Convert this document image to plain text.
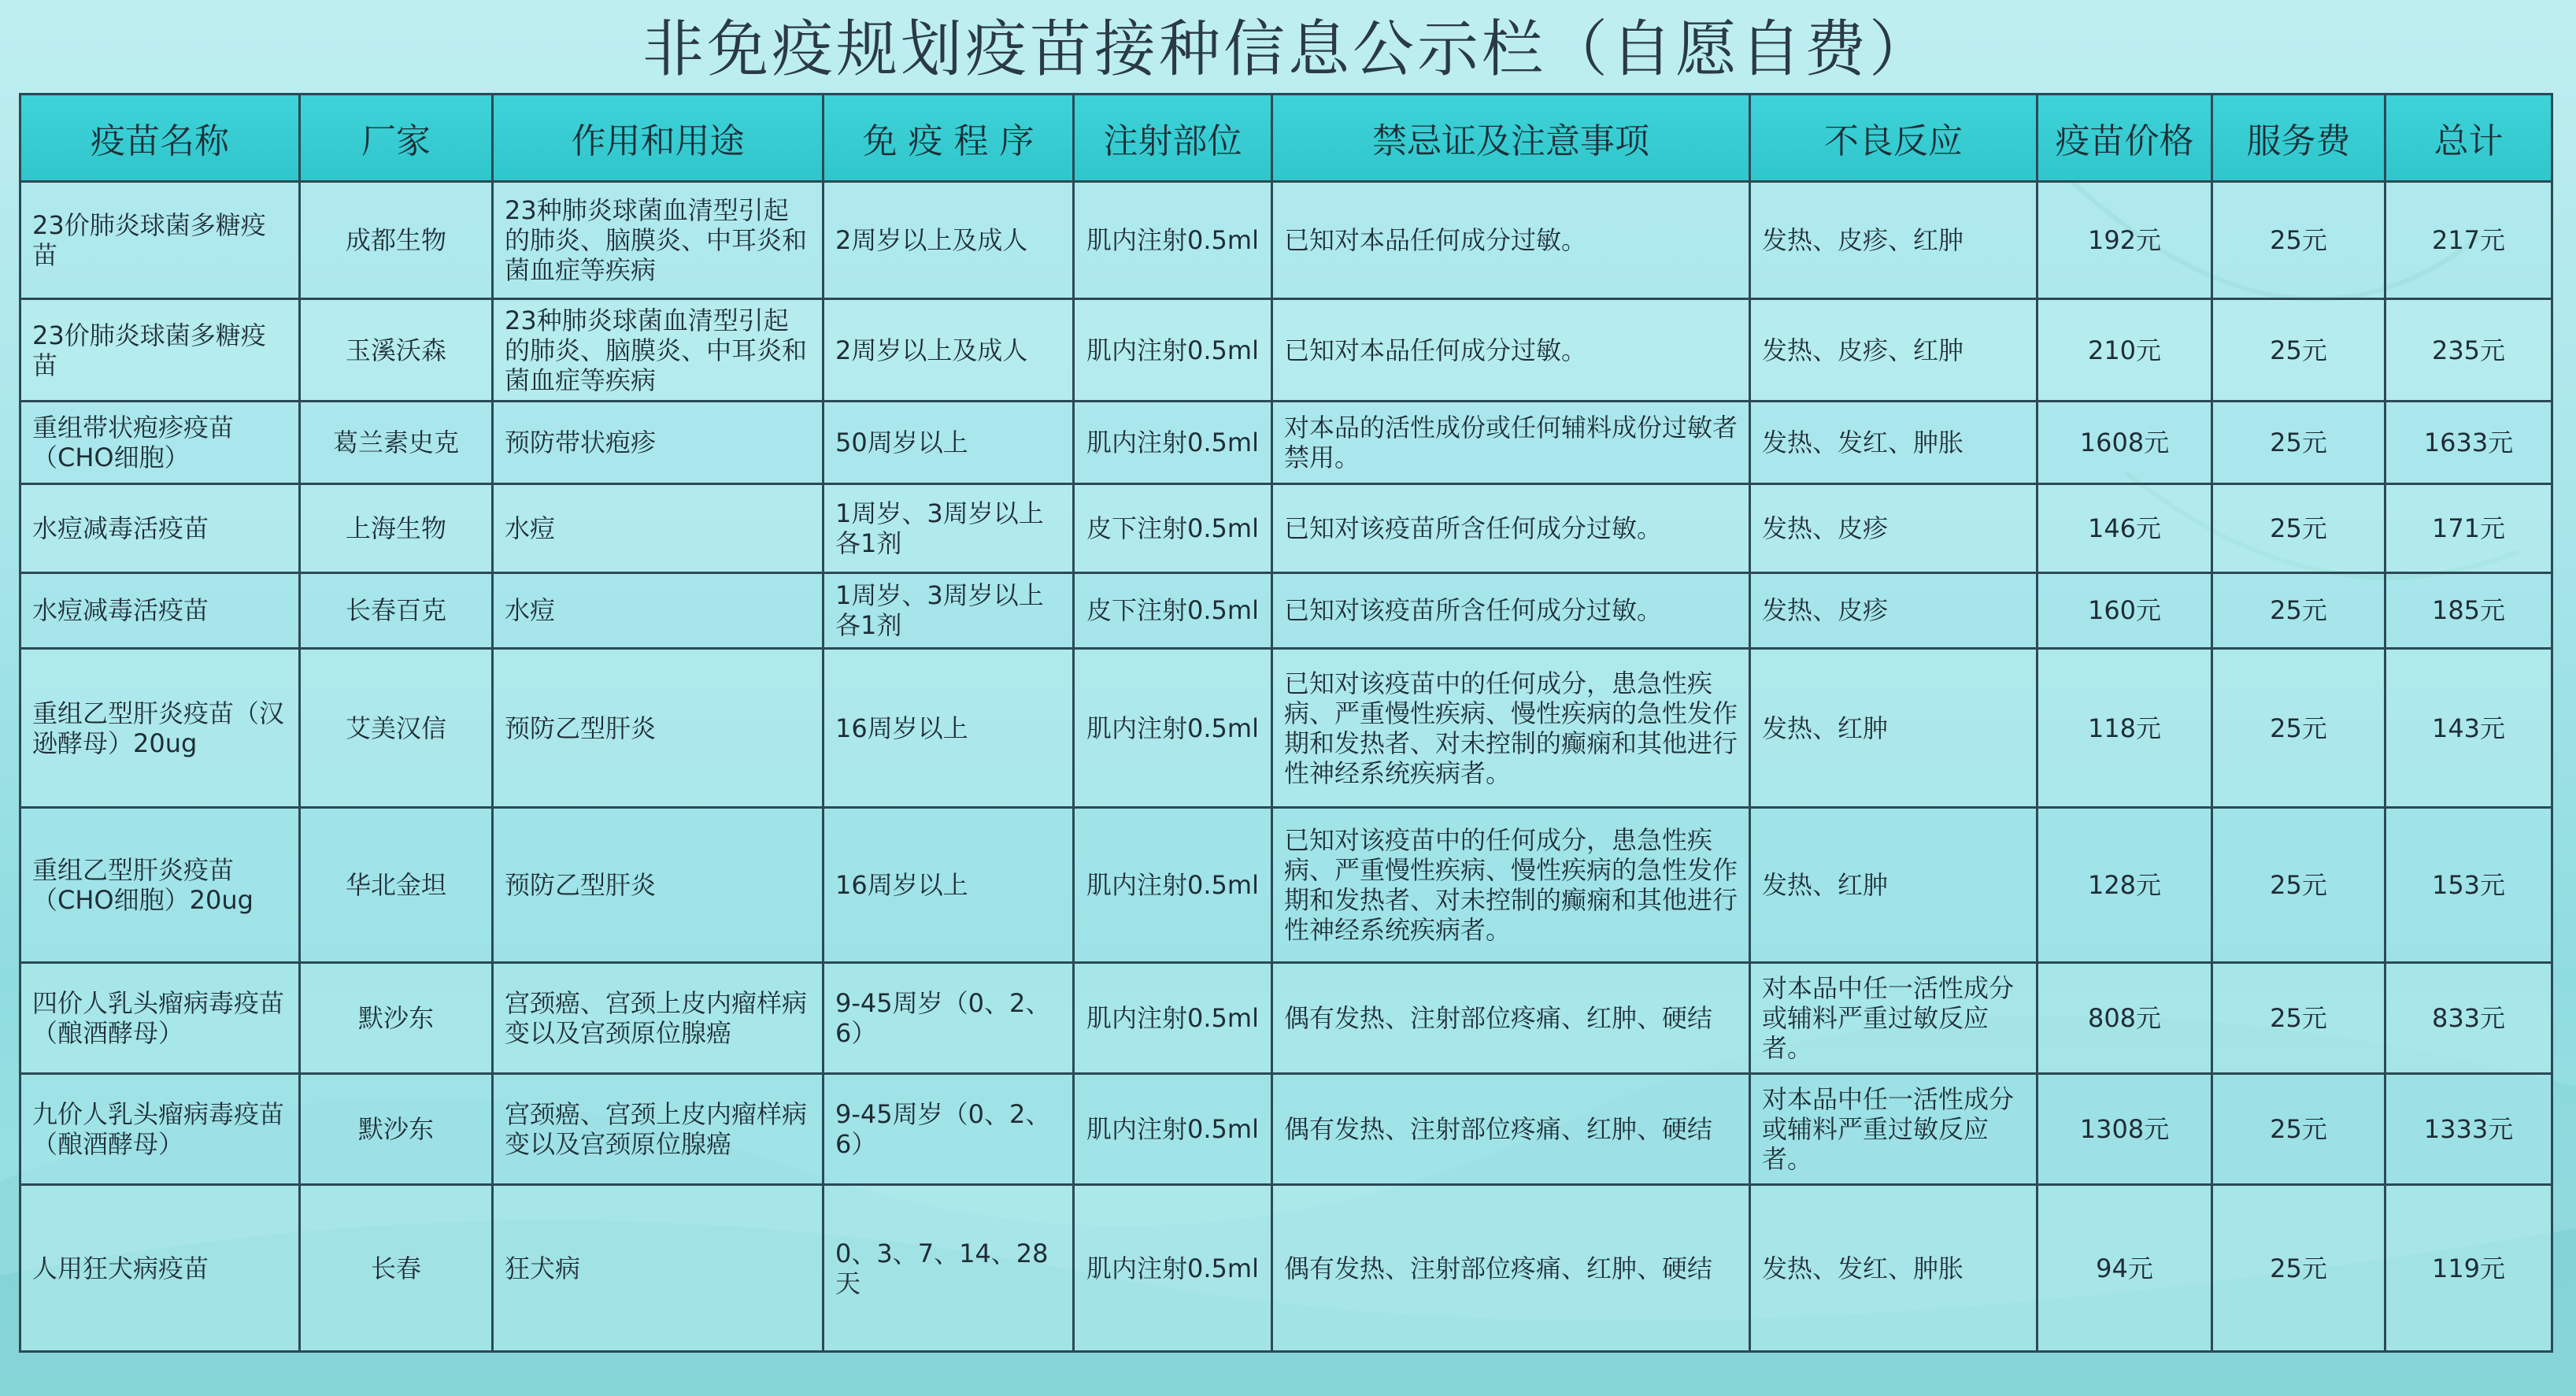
非免疫规划疫苗接种信息公示栏（自愿自费）
疫苗名称	厂家	作用和用途	免 疫 程 序	注射部位	禁忌证及注意事项	不良反应	疫苗价格	服务费	总计
23价肺炎球菌多糖疫苗	成都生物	23种肺炎球菌血清型引起的肺炎、脑膜炎、中耳炎和菌血症等疾病	2周岁以上及成人	肌内注射0.5ml	已知对本品任何成分过敏。	发热、皮疹、红肿	192元	25元	217元
23价肺炎球菌多糖疫苗	玉溪沃森	23种肺炎球菌血清型引起的肺炎、脑膜炎、中耳炎和菌血症等疾病	2周岁以上及成人	肌内注射0.5ml	已知对本品任何成分过敏。	发热、皮疹、红肿	210元	25元	235元
重组带状疱疹疫苗（CHO细胞）	葛兰素史克	预防带状疱疹	50周岁以上	肌内注射0.5ml	对本品的活性成份或任何辅料成份过敏者禁用。	发热、发红、肿胀	1608元	25元	1633元
水痘减毒活疫苗	上海生物	水痘	1周岁、3周岁以上各1剂	皮下注射0.5ml	已知对该疫苗所含任何成分过敏。	发热、皮疹	146元	25元	171元
水痘减毒活疫苗	长春百克	水痘	1周岁、3周岁以上各1剂	皮下注射0.5ml	已知对该疫苗所含任何成分过敏。	发热、皮疹	160元	25元	185元
重组乙型肝炎疫苗（汉逊酵母）20ug	艾美汉信	预防乙型肝炎	16周岁以上	肌内注射0.5ml	已知对该疫苗中的任何成分，患急性疾病、严重慢性疾病、慢性疾病的急性发作期和发热者、对未控制的癫痫和其他进行性神经系统疾病者。	发热、红肿	118元	25元	143元
重组乙型肝炎疫苗（CHO细胞）20ug	华北金坦	预防乙型肝炎	16周岁以上	肌内注射0.5ml	已知对该疫苗中的任何成分，患急性疾病、严重慢性疾病、慢性疾病的急性发作期和发热者、对未控制的癫痫和其他进行性神经系统疾病者。	发热、红肿	128元	25元	153元
四价人乳头瘤病毒疫苗（酿酒酵母）	默沙东	宫颈癌、宫颈上皮内瘤样病变以及宫颈原位腺癌	9-45周岁（0、2、6）	肌内注射0.5ml	偶有发热、注射部位疼痛、红肿、硬结	对本品中任一活性成分或辅料严重过敏反应者。	808元	25元	833元
九价人乳头瘤病毒疫苗（酿酒酵母）	默沙东	宫颈癌、宫颈上皮内瘤样病变以及宫颈原位腺癌	9-45周岁（0、2、6）	肌内注射0.5ml	偶有发热、注射部位疼痛、红肿、硬结	对本品中任一活性成分或辅料严重过敏反应者。	1308元	25元	1333元
人用狂犬病疫苗	长春	狂犬病	0、3、7、14、28天	肌内注射0.5ml	偶有发热、注射部位疼痛、红肿、硬结	发热、发红、肿胀	94元	25元	119元
